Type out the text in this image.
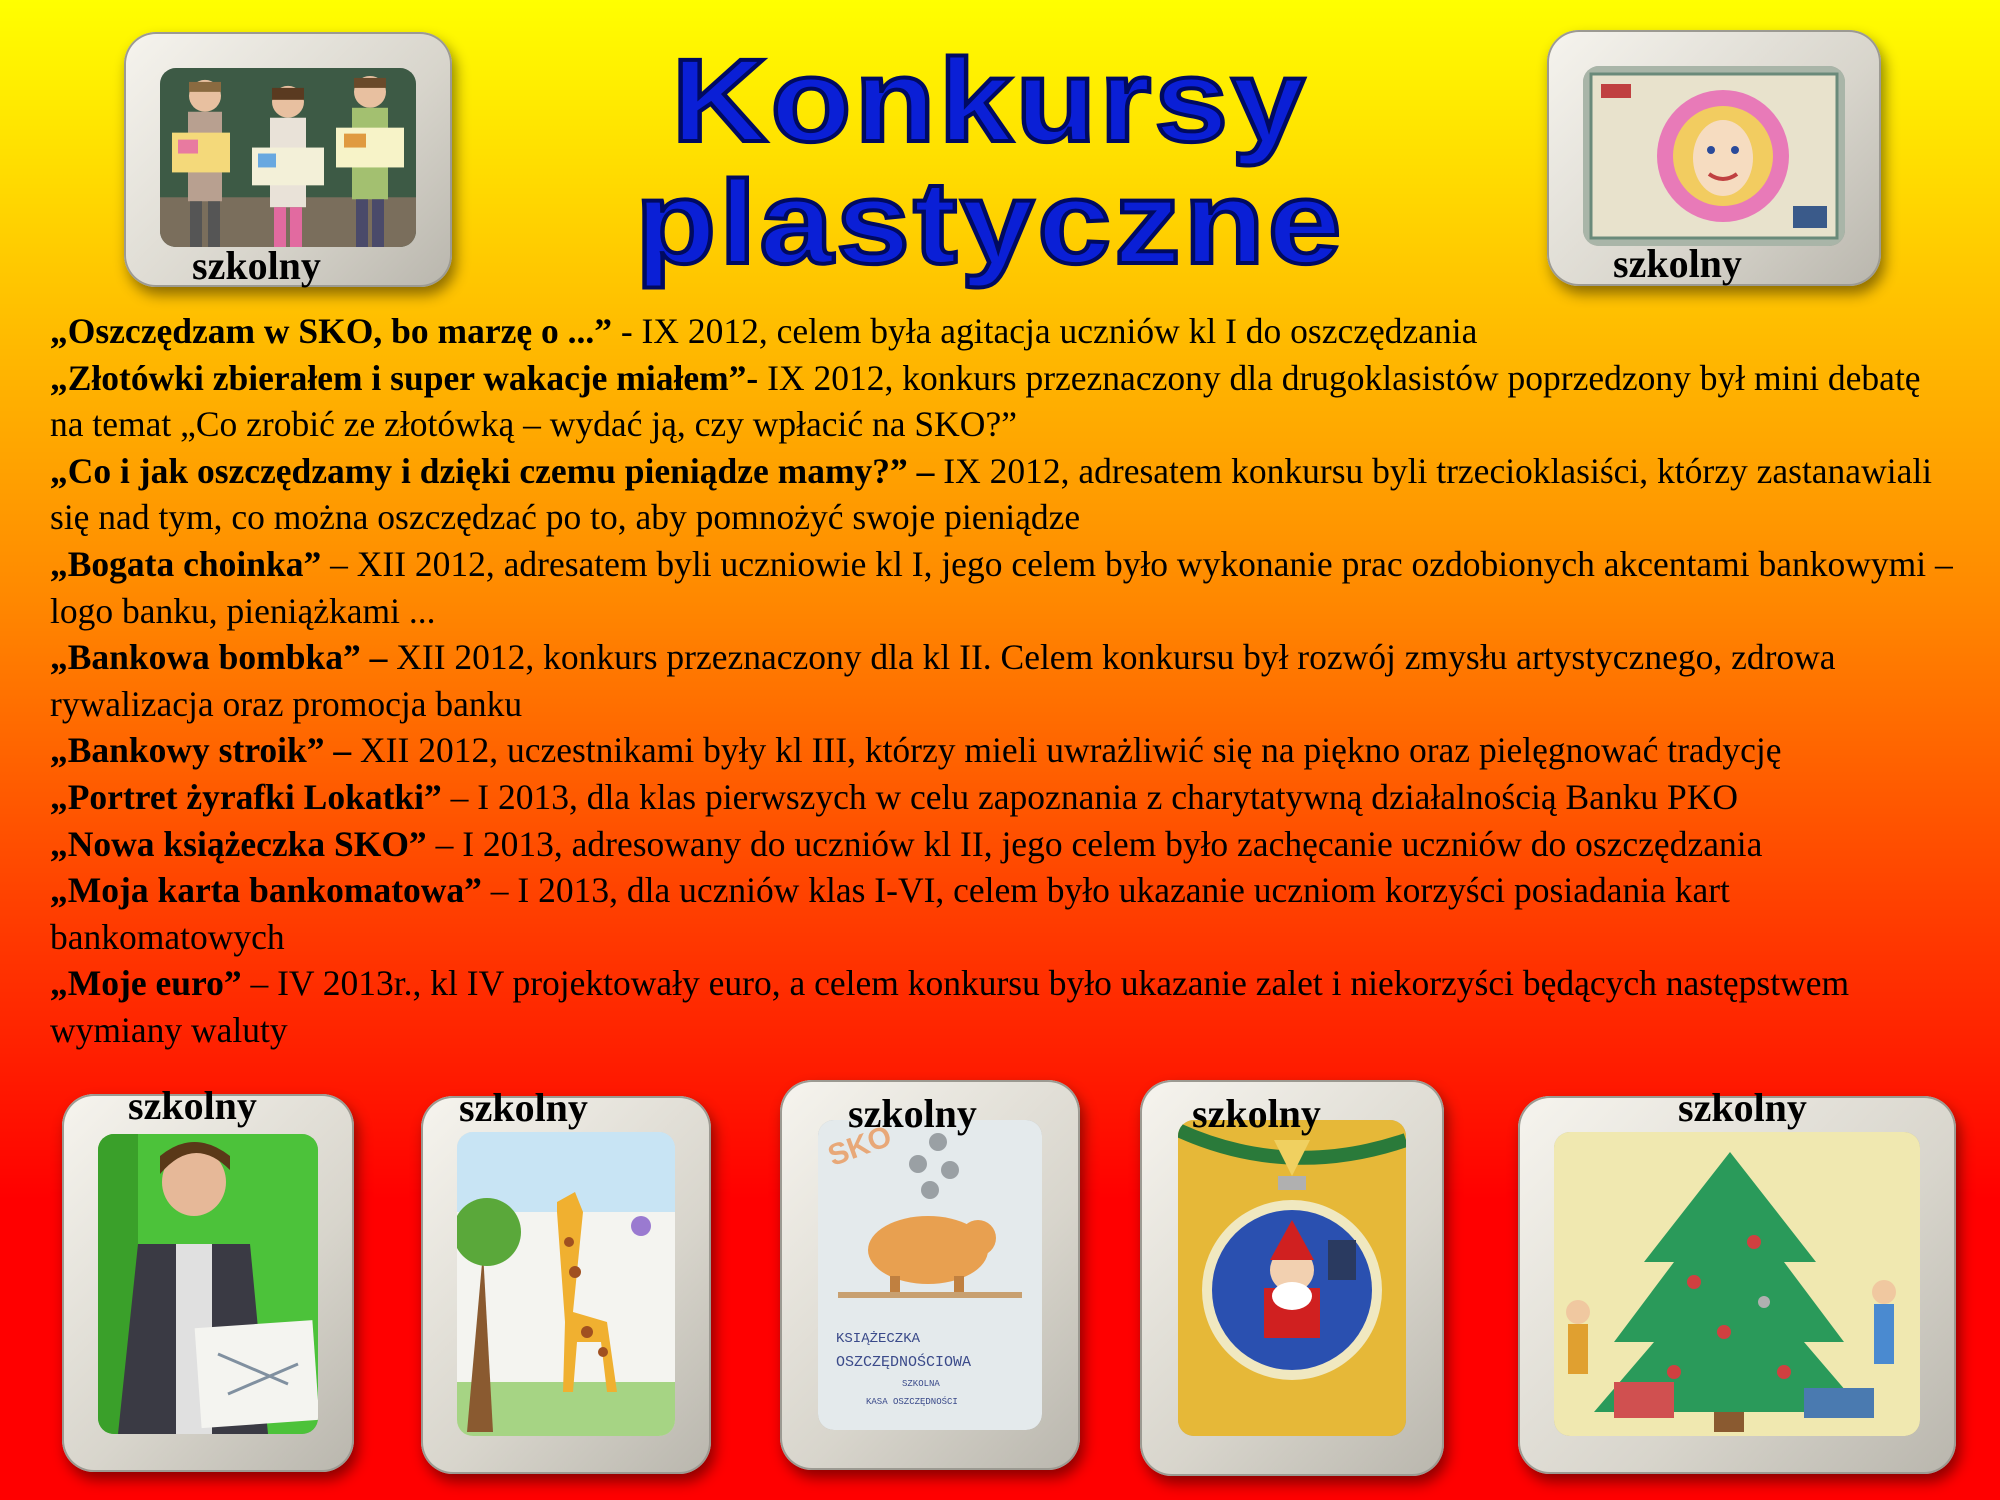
Konkursy
plastyczne
szkolny	szkolny
„Oszczędzam w SKO, bo marzę o ...” - IX 2012, celem była agitacja uczniów kl I do oszczędzania
„Złotówki zbierałem i super wakacje miałem”- IX 2012, konkurs przeznaczony dla drugoklasistów poprzedzony był mini debatę na temat „Co zrobić ze złotówką – wydać ją, czy wpłacić na SKO?”
„Co i jak oszczędzamy i dzięki czemu pieniądze mamy?” – IX 2012, adresatem konkursu byli trzecioklasiści, którzy zastanawiali się nad tym, co można oszczędzać po to, aby pomnożyć swoje pieniądze
„Bogata choinka” – XII 2012, adresatem byli uczniowie kl I, jego celem było wykonanie prac ozdobionych akcentami bankowymi – logo banku, pieniążkami ...
„Bankowa bombka” – XII 2012, konkurs przeznaczony dla kl II. Celem konkursu był rozwój zmysłu artystycznego, zdrowa rywalizacja oraz promocja banku
„Bankowy stroik” – XII 2012, uczestnikami były kl III, którzy mieli uwrażliwić się na piękno oraz pielęgnować tradycję
„Portret żyrafki Lokatki” – I 2013, dla klas pierwszych w celu zapoznania z charytatywną działalnością Banku PKO
„Nowa książeczka SKO” – I 2013, adresowany do uczniów kl II, jego celem było zachęcanie uczniów do oszczędzania
„Moja karta bankomatowa” – I 2013, dla uczniów klas I-VI, celem było ukazanie uczniom korzyści posiadania kart bankomatowych
„Moje euro” – IV 2013r., kl IV projektowały euro, a celem konkursu było ukazanie zalet i niekorzyści będących następstwem wymiany waluty
szkolny	szkolny
SKO
KSIĄŻECZKA
OSZCZĘDNOŚCIOWA
SZKOLNA
KASA OSZCZĘDNOŚCI
szkolny	szkolny	szkolny
